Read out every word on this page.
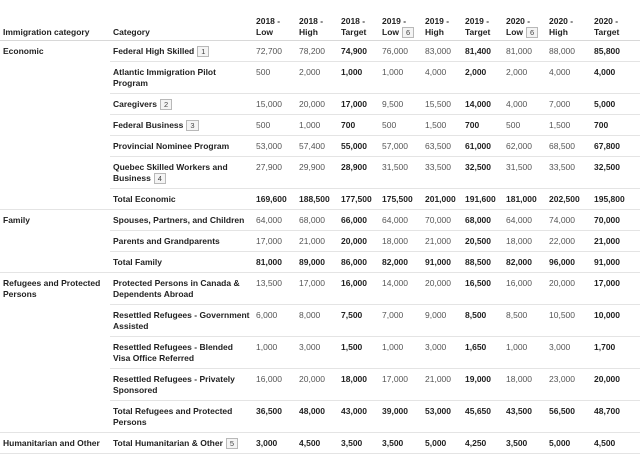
Immigration category	Category	2018 - Low	2018 - High	2018 - Target	2019 - Low 6	2019 - High	2019 - Target	2020 - Low 6	2020 - High	2020 - Target
Economic	Federal High Skilled 1	72,700	78,200	74,900	76,000	83,000	81,400	81,000	88,000	85,800
	Atlantic Immigration Pilot Program	500	2,000	1,000	1,000	4,000	2,000	2,000	4,000	4,000
	Caregivers 2	15,000	20,000	17,000	9,500	15,500	14,000	4,000	7,000	5,000
	Federal Business 3	500	1,000	700	500	1,500	700	500	1,500	700
	Provincial Nominee Program	53,000	57,400	55,000	57,000	63,500	61,000	62,000	68,500	67,800
	Quebec Skilled Workers and Business 4	27,900	29,900	28,900	31,500	33,500	32,500	31,500	33,500	32,500
	Total Economic	169,600	188,500	177,500	175,500	201,000	191,600	181,000	202,500	195,800
Family	Spouses, Partners, and Children	64,000	68,000	66,000	64,000	70,000	68,000	64,000	74,000	70,000
	Parents and Grandparents	17,000	21,000	20,000	18,000	21,000	20,500	18,000	22,000	21,000
	Total Family	81,000	89,000	86,000	82,000	91,000	88,500	82,000	96,000	91,000
Refugees and Protected Persons	Protected Persons in Canada & Dependents Abroad	13,500	17,000	16,000	14,000	20,000	16,500	16,000	20,000	17,000
	Resettled Refugees - Government Assisted	6,000	8,000	7,500	7,000	9,000	8,500	8,500	10,500	10,000
	Resettled Refugees - Blended Visa Office Referred	1,000	3,000	1,500	1,000	3,000	1,650	1,000	3,000	1,700
	Resettled Refugees - Privately Sponsored	16,000	20,000	18,000	17,000	21,000	19,000	18,000	23,000	20,000
	Total Refugees and Protected Persons	36,500	48,000	43,000	39,000	53,000	45,650	43,500	56,500	48,700
Humanitarian and Other	Total Humanitarian & Other 5	3,000	4,500	3,500	3,500	5,000	4,250	3,500	5,000	4,500
